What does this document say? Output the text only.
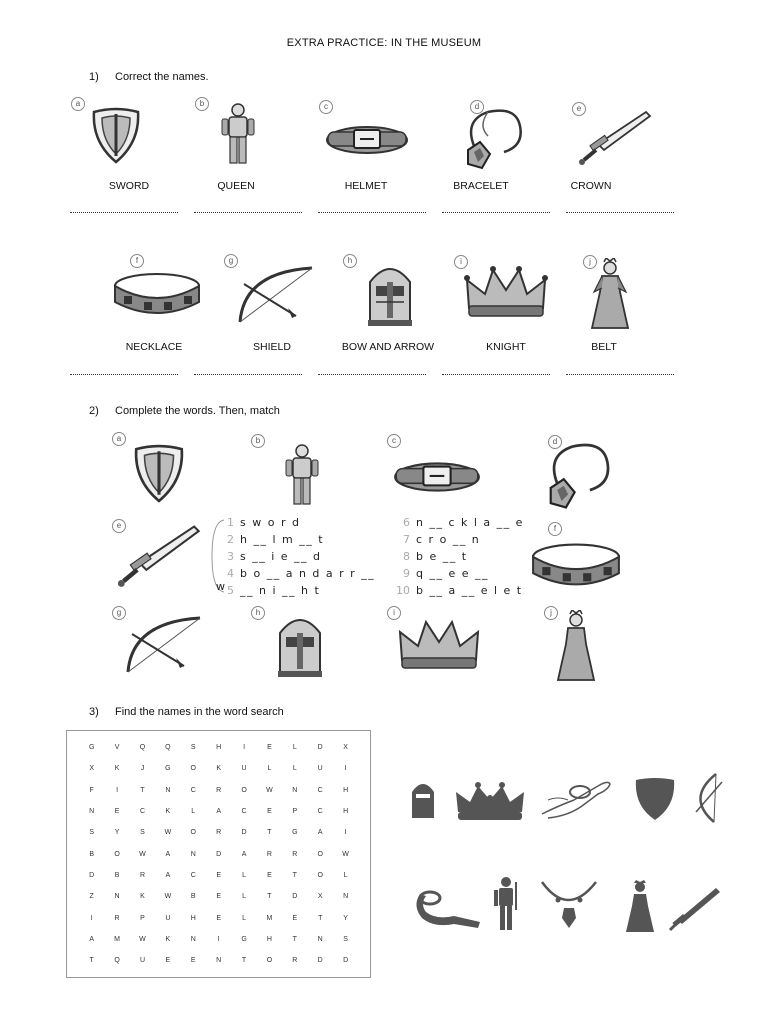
EXTRA PRACTICE: IN THE MUSEUM
1) Correct the names.
a	b	c	d	e
SWORD	QUEEN	HELMET	BRACELET	CROWN
f	g	h	i	j
NECKLACE	SHIELD	BOW AND ARROW	KNIGHT	BELT
2) Complete the words. Then, match
a	b	c	d
e	1 s w o r d
2 h __ l m __ t
3 s __ i e __ d
4 b o __ a n d a r r __ w 5 __ n i __ h t
6 n __ c k l a __ e
7 c r o __ n
8 b e __ t
9 q __ e e __
10 b __ a __ e l e t
f
g	h	i	j
3) Find the names in the word search
G	V	Q	Q	S	H	I	E	L	D	X
X	K	J	G	O	K	U	L	L	U	I
F	I	T	N	C	R	O	W	N	C	H
N	E	C	K	L	A	C	E	P	C	H
S	Y	S	W	O	R	D	T	G	A	I
B	O	W	A	N	D	A	R	R	O	W
D	B	R	A	C	E	L	E	T	O	L
Z	N	K	W	B	E	L	T	D	X	N
I	R	P	U	H	E	L	M	E	T	Y
A	M	W	K	N	I	G	H	T	N	S
T	Q	U	E	E	N	T	O	R	D	D
